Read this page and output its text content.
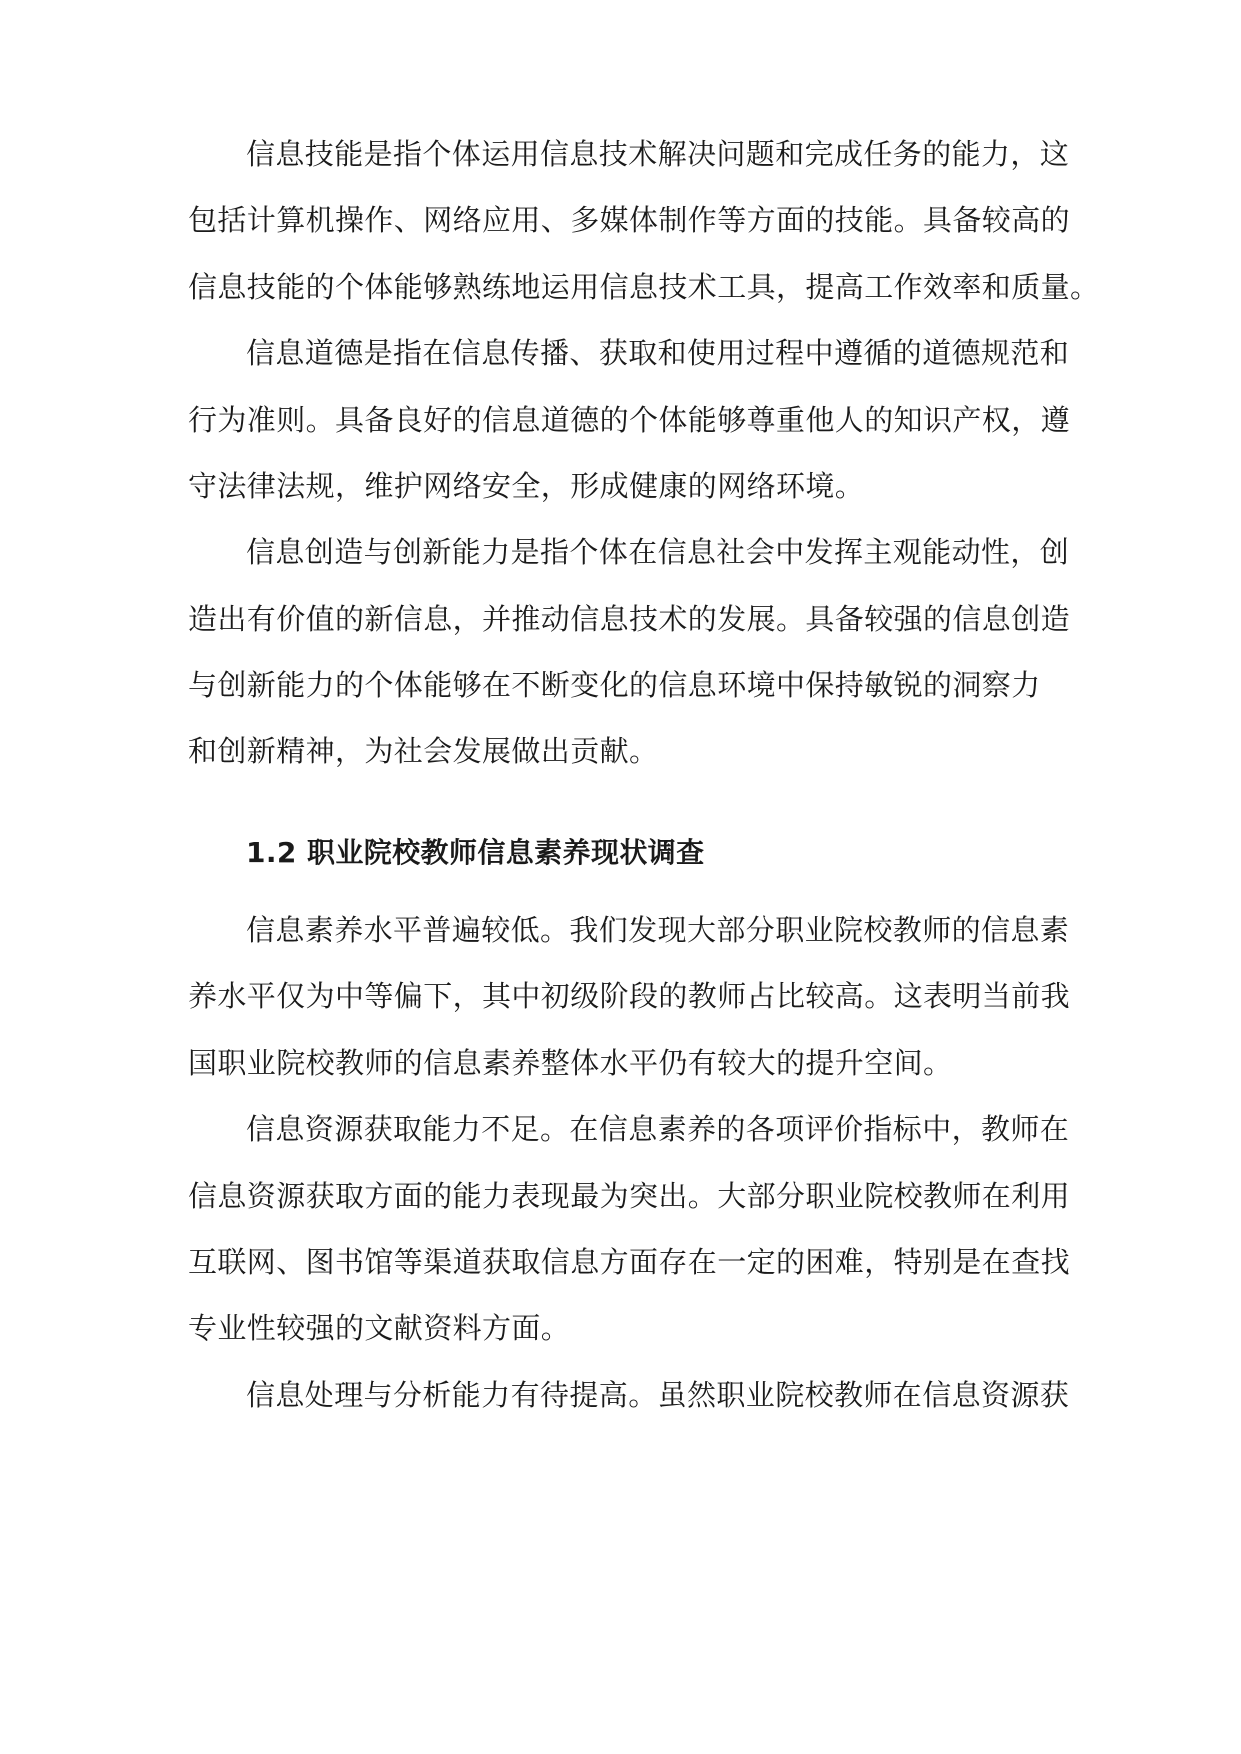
信息技能是指个体运用信息技术解决问题和完成任务的能力，这
包括计算机操作、网络应用、多媒体制作等方面的技能。具备较高的
信息技能的个体能够熟练地运用信息技术工具，提高工作效率和质量。
信息道德是指在信息传播、获取和使用过程中遵循的道德规范和
行为准则。具备良好的信息道德的个体能够尊重他人的知识产权，遵
守法律法规，维护网络安全，形成健康的网络环境。
信息创造与创新能力是指个体在信息社会中发挥主观能动性，创
造出有价值的新信息，并推动信息技术的发展。具备较强的信息创造
与创新能力的个体能够在不断变化的信息环境中保持敏锐的洞察力
和创新精神，为社会发展做出贡献。
1.2 职业院校教师信息素养现状调查
信息素养水平普遍较低。我们发现大部分职业院校教师的信息素
养水平仅为中等偏下，其中初级阶段的教师占比较高。这表明当前我
国职业院校教师的信息素养整体水平仍有较大的提升空间。
信息资源获取能力不足。在信息素养的各项评价指标中，教师在
信息资源获取方面的能力表现最为突出。大部分职业院校教师在利用
互联网、图书馆等渠道获取信息方面存在一定的困难，特别是在查找
专业性较强的文献资料方面。
信息处理与分析能力有待提高。虽然职业院校教师在信息资源获
